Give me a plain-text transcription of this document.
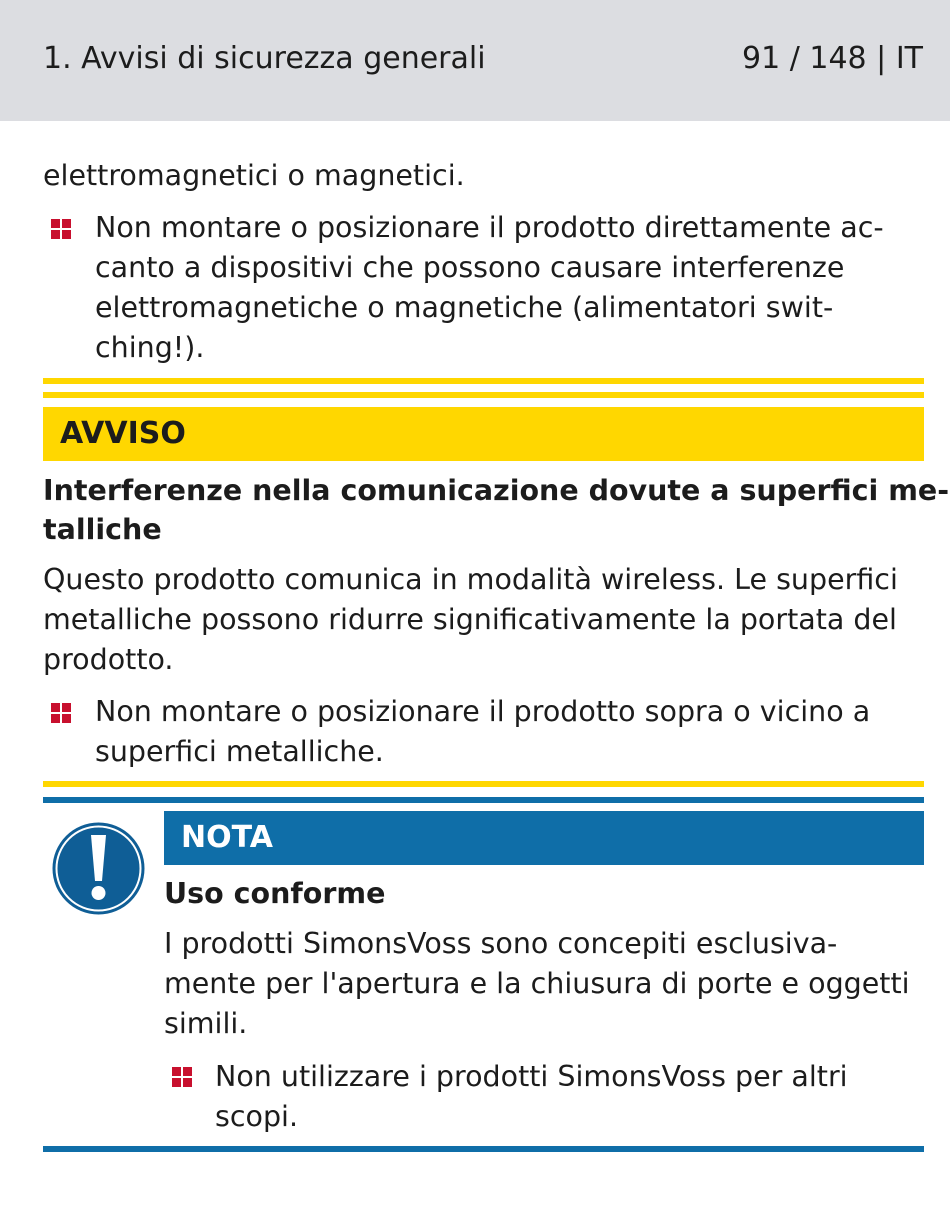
1. Avvisi di sicurezza generali	91 / 148 | IT

elettromagnetici o magnetici.

Non montare o posizionare il prodotto direttamente ac-

canto a dispositivi che possono causare interferenze

elettromagnetiche o magnetiche (alimentatori swit-

ching!).

AVVISO

Interferenze nella comunicazione dovute a superfici me-

talliche

Questo prodotto comunica in modalità wireless. Le superfici

metalliche possono ridurre significativamente la portata del

prodotto.

Non montare o posizionare il prodotto sopra o vicino a

superfici metalliche.

NOTA

Uso conforme

I prodotti SimonsVoss sono concepiti esclusiva-

mente per l'apertura e la chiusura di porte e oggetti

simili.

Non utilizzare i prodotti SimonsVoss per altri

scopi.
